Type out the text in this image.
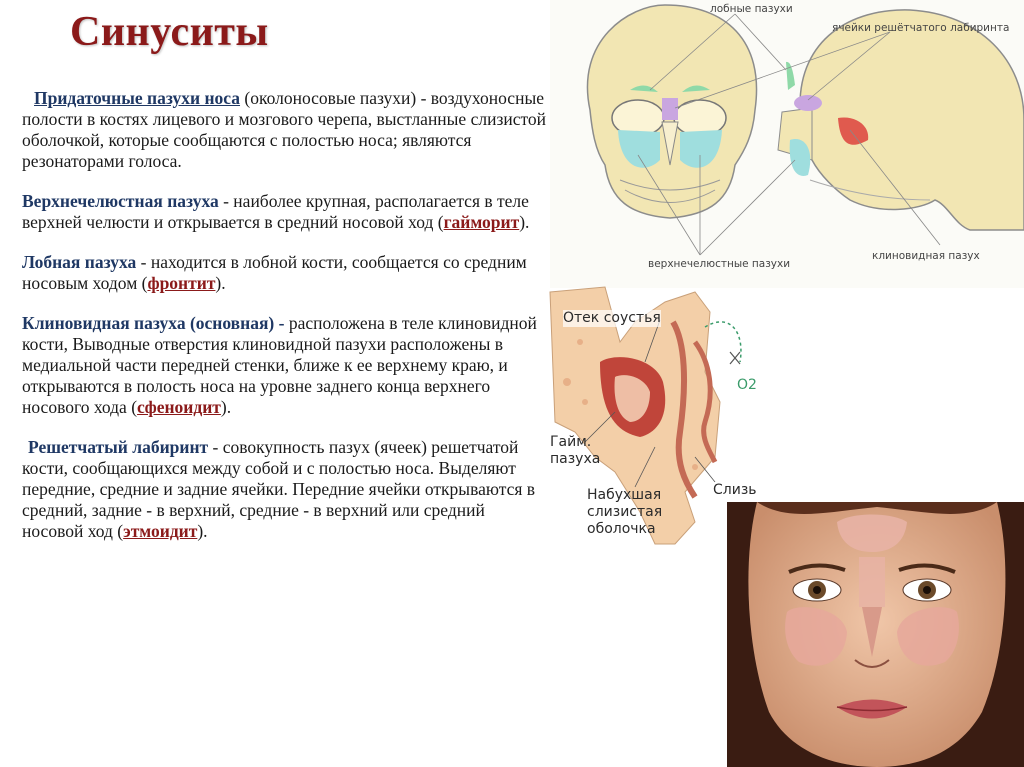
Синуситы

Придаточные пазухи носа (околоносовые пазухи) - воздухоносные полости в костях лицевого и мозгового черепа, выстланные слизистой оболочкой, которые сообщаются с полостью носа; являются резонаторами голоса.

Верхнечелюстная пазуха - наиболее крупная, располагается в теле верхней челюсти и открывается в средний носовой ход (гайморит).

Лобная пазуха - находится в лобной кости, сообщается со средним носовым ходом (фронтит).

Клиновидная пазуха (основная) - расположена в теле клиновидной кости, Выводные отверстия клиновидной пазухи расположены в медиальной части передней стенки, ближе к ее верхнему краю, и открываются в полость носа на уровне заднего конца верхнего носового хода (сфеноидит).

Решетчатый лабиринт - совокупность пазух (ячеек) решетчатой кости, сообщающихся между собой и с полостью носа. Выделяют передние, средние и задние ячейки. Передние ячейки открываются в средний, задние - в верхний, средние - в верхний или средний носовой ход (этмоидит).

лобные пазухи
ячейки решётчатого лабиринта
верхнечелюстные пазухи
клиновидная пазух
Отек соустья
O2
Гайм.
пазуха
Слизь
Набухшая
слизистая
оболочка
